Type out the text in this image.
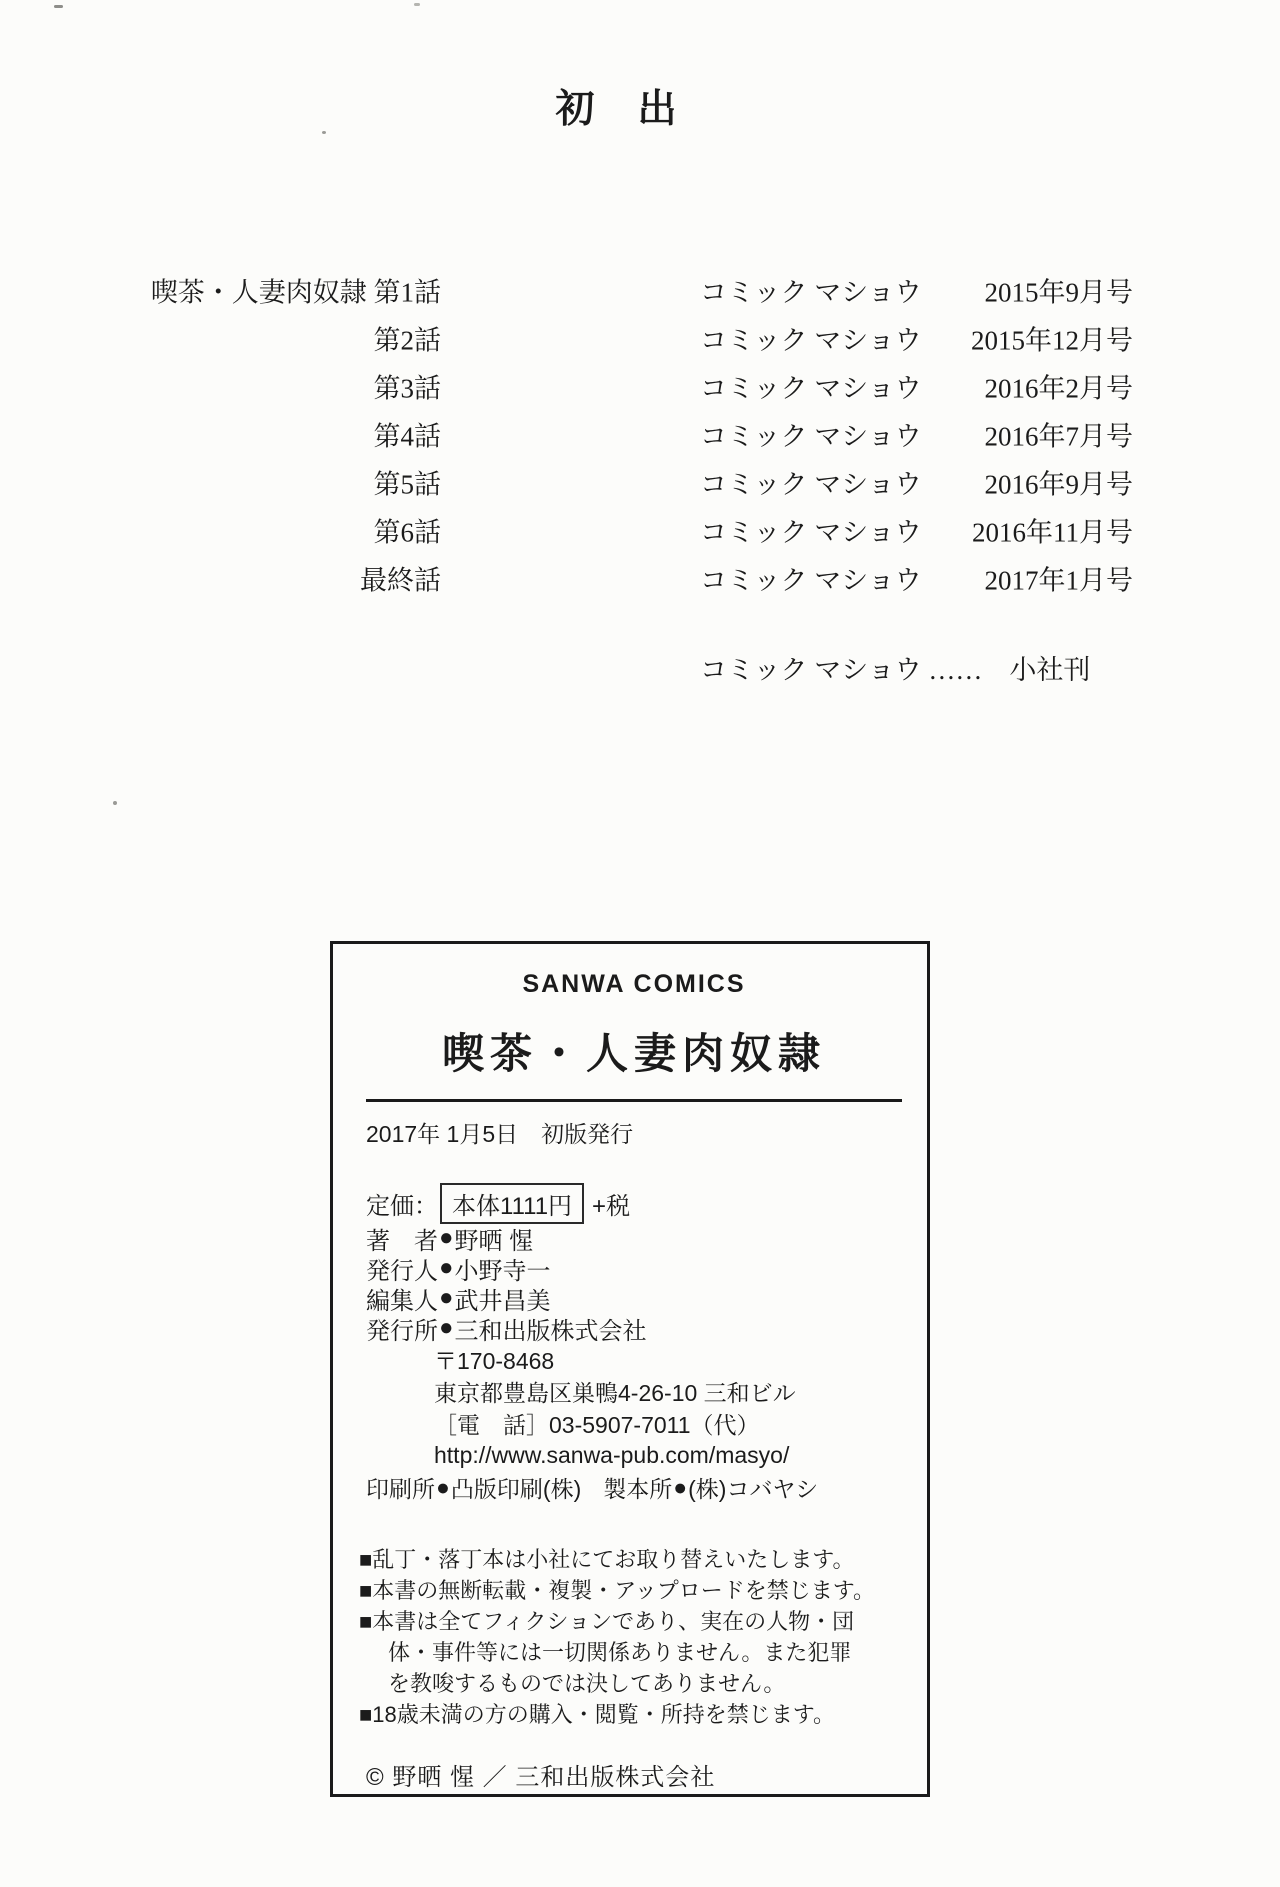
初　出
喫茶・人妻肉奴隷 第1話	コミック マショウ 2015年9月号
第2話	コミック マショウ 2015年12月号
第3話	コミック マショウ 2016年2月号
第4話	コミック マショウ 2016年7月号
第5話	コミック マショウ 2016年9月号
第6話	コミック マショウ 2016年11月号
最終話	コミック マショウ 2017年1月号
コミック マショウ ……　小社刊
SANWA COMICS
喫茶・人妻肉奴隷
2017年 1月5日　初版発行
定価： 本体1111円 +税
著　者 ● 野晒 惺
発行人 ● 小野寺一
編集人 ● 武井昌美
発行所 ● 三和出版株式会社
〒170-8468
東京都豊島区巣鴨4-26-10 三和ビル
［電　話］03-5907-7011（代）
http://www.sanwa-pub.com/masyo/
印刷所 ● 凸版印刷(株) 製本所 ● (株)コバヤシ
■乱丁・落丁本は小社にてお取り替えいたします。
■本書の無断転載・複製・アップロードを禁じます。
■本書は全てフィクションであり、実在の人物・団
体・事件等には一切関係ありません。また犯罪
を教唆するものでは決してありません。
■18歳未満の方の購入・閲覧・所持を禁じます。
© 野晒 惺 ／ 三和出版株式会社
